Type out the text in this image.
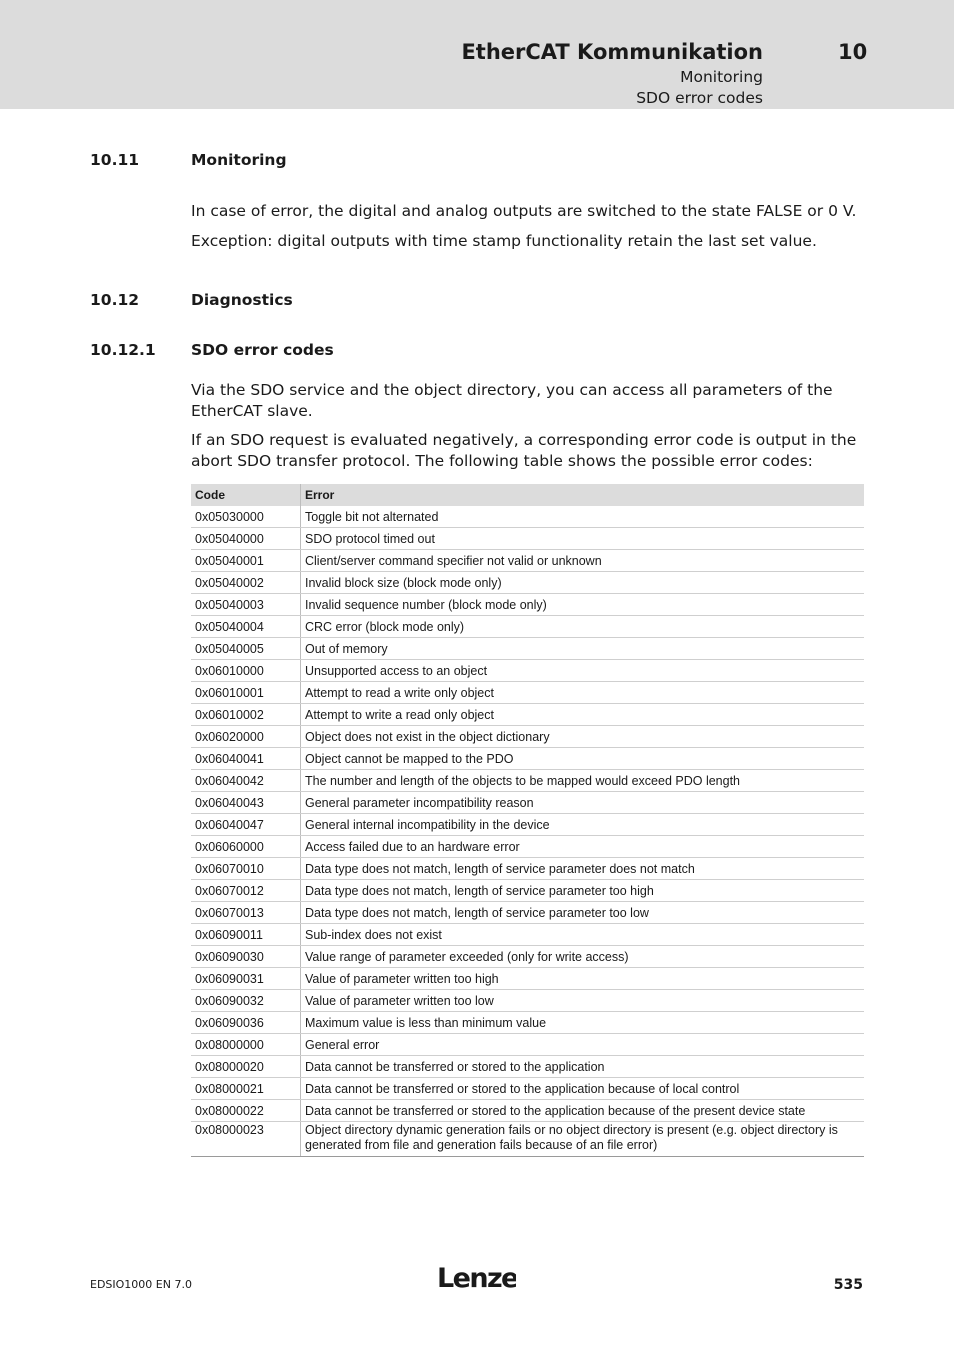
EtherCAT Kommunikation	10
Monitoring
SDO error codes
10.11	Monitoring
In case of error, the digital and analog outputs are switched to the state FALSE or 0 V.
Exception: digital outputs with time stamp functionality retain the last set value.
10.12	Diagnostics
10.12.1 SDO error codes
Via the SDO service and the object directory, you can access all parameters of the EtherCAT slave.
If an SDO request is evaluated negatively, a corresponding error code is output in the abort SDO transfer protocol. The following table shows the possible error codes:
Code	Error
0x05030000	Toggle bit not alternated
0x05040000	SDO protocol timed out
0x05040001	Client/server command specifier not valid or unknown
0x05040002	Invalid block size (block mode only)
0x05040003	Invalid sequence number (block mode only)
0x05040004	CRC error (block mode only)
0x05040005	Out of memory
0x06010000	Unsupported access to an object
0x06010001	Attempt to read a write only object
0x06010002	Attempt to write a read only object
0x06020000	Object does not exist in the object dictionary
0x06040041	Object cannot be mapped to the PDO
0x06040042	The number and length of the objects to be mapped would exceed PDO length
0x06040043	General parameter incompatibility reason
0x06040047	General internal incompatibility in the device
0x06060000	Access failed due to an hardware error
0x06070010	Data type does not match, length of service parameter does not match
0x06070012	Data type does not match, length of service parameter too high
0x06070013	Data type does not match, length of service parameter too low
0x06090011	Sub-index does not exist
0x06090030	Value range of parameter exceeded (only for write access)
0x06090031	Value of parameter written too high
0x06090032	Value of parameter written too low
0x06090036	Maximum value is less than minimum value
0x08000000	General error
0x08000020	Data cannot be transferred or stored to the application
0x08000021	Data cannot be transferred or stored to the application because of local control
0x08000022	Data cannot be transferred or stored to the application because of the present device state
0x08000023	Object directory dynamic generation fails or no object directory is present (e.g. object directory is generated from file and generation fails because of an file error)
EDSIO1000 EN 7.0	Lenze	535
